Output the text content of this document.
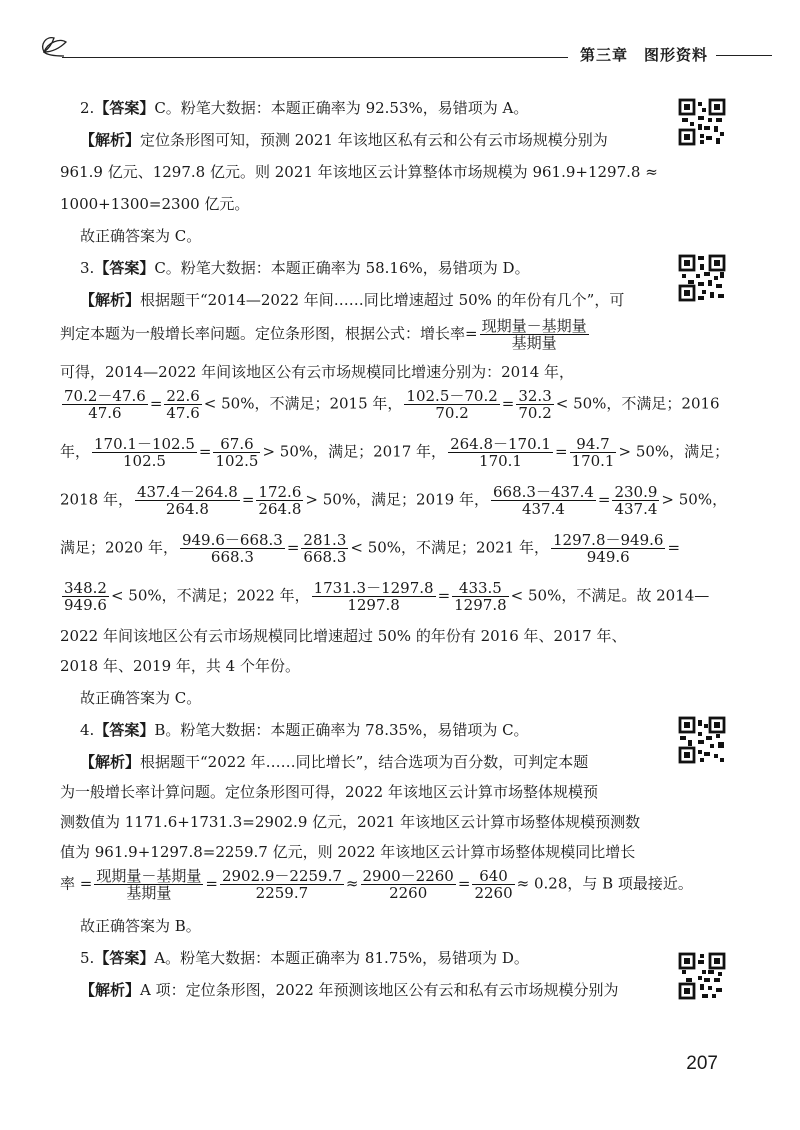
第三章　图形资料
2.【答案】C。粉笔大数据：本题正确率为 92.53%，易错项为 A。
【解析】定位条形图可知，预测 2021 年该地区私有云和公有云市场规模分别为
961.9 亿元、1297.8 亿元。则 2021 年该地区云计算整体市场规模为 961.9+1297.8 ≈
1000+1300=2300 亿元。
故正确答案为 C。
3.【答案】C。粉笔大数据：本题正确率为 58.16%，易错项为 D。
【解析】根据题干“2014—2022 年间……同比增速超过 50% 的年份有几个”，可
判定本题为一般增长率问题。定位条形图，根据公式：增长率= $\frac{\text{现期量－基期量}}{\text{基期量}}$
可得，2014—2022 年间该地区公有云市场规模同比增速分别为：2014 年，
$\frac{70.2-47.6}{47.6} = \frac{22.6}{47.6} < 50\%$，不满足；2015 年， $\frac{102.5-70.2}{70.2} = \frac{32.3}{70.2} < 50\%$，不满足；2016
年， $\frac{170.1-102.5}{102.5} = \frac{67.6}{102.5} > 50\%$，满足；2017 年， $\frac{264.8-170.1}{170.1} = \frac{94.7}{170.1} > 50\%$，满足；
2018 年， $\frac{437.4-264.8}{264.8} = \frac{172.6}{264.8} > 50\%$，满足；2019 年， $\frac{668.3-437.4}{437.4} = \frac{230.9}{437.4} > 50\%$，
满足；2020 年， $\frac{949.6-668.3}{668.3} = \frac{281.3}{668.3} < 50\%$，不满足；2021 年， $\frac{1297.8-949.6}{949.6}$ =
$\frac{348.2}{949.6} < 50\%$，不满足；2022 年， $\frac{1731.3-1297.8}{1297.8} = \frac{433.5}{1297.8} < 50\%$，不满足。故 2014—
2022 年间该地区公有云市场规模同比增速超过 50% 的年份有 2016 年、2017 年、
2018 年、2019 年，共 4 个年份。
故正确答案为 C。
4.【答案】B。粉笔大数据：本题正确率为 78.35%，易错项为 C。
【解析】根据题干“2022 年……同比增长”，结合选项为百分数，可判定本题
为一般增长率计算问题。定位条形图可得，2022 年该地区云计算市场整体规模预
测数值为 1171.6+1731.3=2902.9 亿元，2021 年该地区云计算市场整体规模预测数
值为 961.9+1297.8=2259.7 亿元，则 2022 年该地区云计算市场整体规模同比增长
率 = $\frac{\text{现期量－基期量}}{\text{基期量}} = \frac{2902.9-2259.7}{2259.7} \approx \frac{2900-2260}{2260} = \frac{640}{2260} \approx 0.28$，与 B 项最接近。
故正确答案为 B。
5.【答案】A。粉笔大数据：本题正确率为 81.75%，易错项为 D。
【解析】A 项：定位条形图，2022 年预测该地区公有云和私有云市场规模分别为
207
